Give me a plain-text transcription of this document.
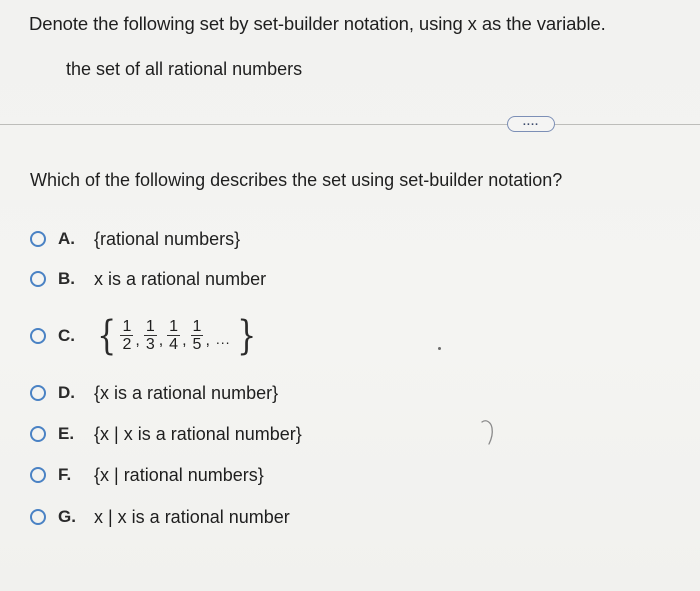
Denote the following set by set-builder notation, using x as the variable.
the set of all rational numbers
....
Which of the following describes the set using set-builder notation?
A.	{rational numbers}
B.	x is a rational number
C. { $\frac{1}{2}$ , $\frac{1}{3}$ , $\frac{1}{4}$ , $\frac{1}{5}$ , ... }
D.	{x is a rational number}
E.	{x | x is a rational number}
F.	{x | rational numbers}
G.	x | x is a rational number
